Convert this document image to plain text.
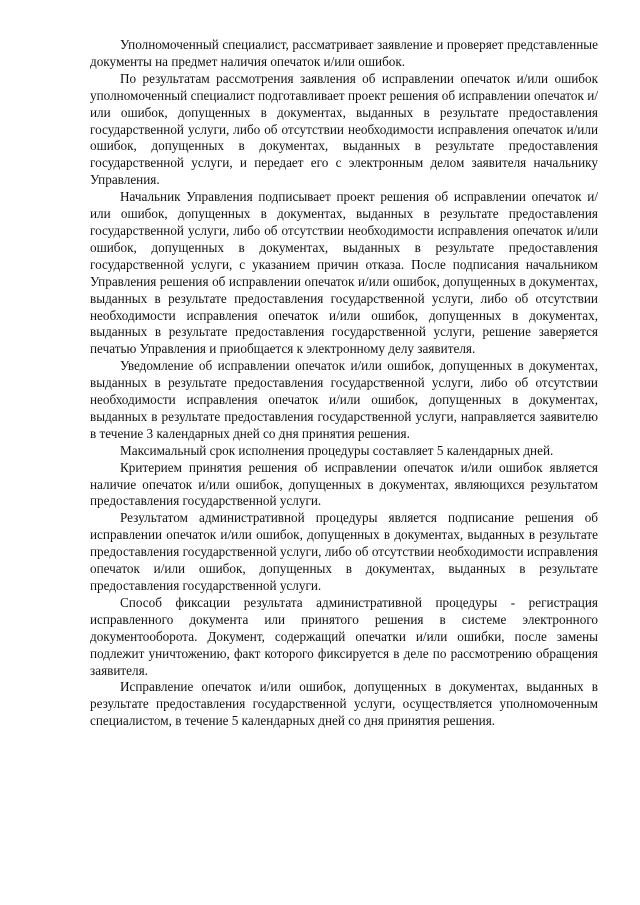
Уполномоченный специалист, рассматривает заявление и проверяет представленные документы на предмет наличия опечаток и/или ошибок.

По результатам рассмотрения заявления об исправлении опечаток и/или ошибок уполномоченный специалист подготавливает проект решения об исправлении опечаток и/или ошибок, допущенных в документах, выданных в результате предоставления государственной услуги, либо об отсутствии необходимости исправления опечаток и/или ошибок, допущенных в документах, выданных в результате предоставления государственной услуги, и передает его с электронным делом заявителя начальнику Управления.

Начальник Управления подписывает проект решения об исправлении опечаток и/или ошибок, допущенных в документах, выданных в результате предоставления государственной услуги, либо об отсутствии необходимости исправления опечаток и/или ошибок, допущенных в документах, выданных в результате предоставления государственной услуги, с указанием причин отказа. После подписания начальником Управления решения об исправлении опечаток и/или ошибок, допущенных в документах, выданных в результате предоставления государственной услуги, либо об отсутствии необходимости исправления опечаток и/или ошибок, допущенных в документах, выданных в результате предоставления государственной услуги, решение заверяется печатью Управления и приобщается к электронному делу заявителя.

Уведомление об исправлении опечаток и/или ошибок, допущенных в документах, выданных в результате предоставления государственной услуги, либо об отсутствии необходимости исправления опечаток и/или ошибок, допущенных в документах, выданных в результате предоставления государственной услуги, направляется заявителю в течение 3 календарных дней со дня принятия решения.

Максимальный срок исполнения процедуры составляет 5 календарных дней.

Критерием принятия решения об исправлении опечаток и/или ошибок является наличие опечаток и/или ошибок, допущенных в документах, являющихся результатом предоставления государственной услуги.

Результатом административной процедуры является подписание решения об исправлении опечаток и/или ошибок, допущенных в документах, выданных в результате предоставления государственной услуги, либо об отсутствии необходимости исправления опечаток и/или ошибок, допущенных в документах, выданных в результате предоставления государственной услуги.

Способ фиксации результата административной процедуры - регистрация исправленного документа или принятого решения в системе электронного документооборота. Документ, содержащий опечатки и/или ошибки, после замены подлежит уничтожению, факт которого фиксируется в деле по рассмотрению обращения заявителя.

Исправление опечаток и/или ошибок, допущенных в документах, выданных в результате предоставления государственной услуги, осуществляется уполномоченным специалистом, в течение 5 календарных дней со дня принятия решения.
